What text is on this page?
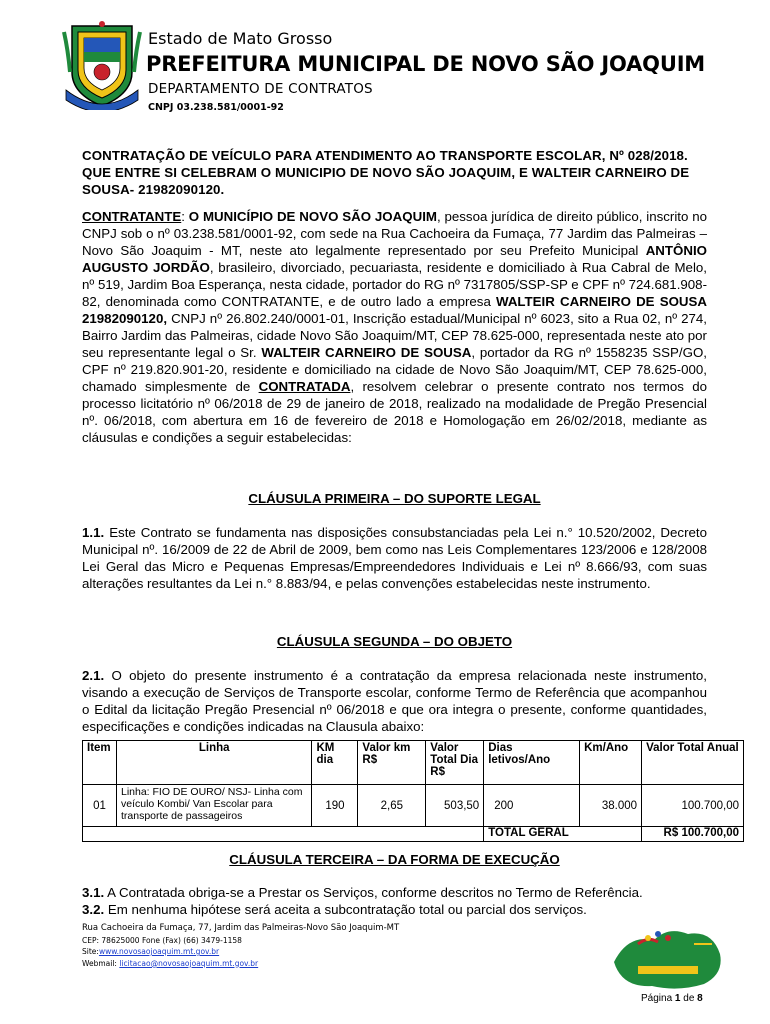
Estado de Mato Grosso
PREFEITURA MUNICIPAL DE NOVO SÃO JOAQUIM
DEPARTAMENTO DE CONTRATOS
CNPJ 03.238.581/0001-92
CONTRATAÇÃO DE VEÍCULO PARA ATENDIMENTO AO TRANSPORTE ESCOLAR, Nº 028/2018. QUE ENTRE SI CELEBRAM O MUNICIPIO DE NOVO SÃO JOAQUIM, E WALTEIR CARNEIRO DE SOUSA- 21982090120.
CONTRATANTE: O MUNICÍPIO DE NOVO SÃO JOAQUIM, pessoa jurídica de direito público, inscrito no CNPJ sob o nº 03.238.581/0001-92, com sede na Rua Cachoeira da Fumaça, 77 Jardim das Palmeiras – Novo São Joaquim - MT, neste ato legalmente representado por seu Prefeito Municipal ANTÔNIO AUGUSTO JORDÃO, brasileiro, divorciado, pecuariasta, residente e domiciliado à Rua Cabral de Melo, nº 519, Jardim Boa Esperança, nesta cidade, portador do RG nº 7317805/SSP-SP e CPF nº 724.681.908-82, denominada como CONTRATANTE, e de outro lado a empresa WALTEIR CARNEIRO DE SOUSA 21982090120, CNPJ nº 26.802.240/0001-01, Inscrição estadual/Municipal nº 6023, sito a Rua 02, nº 274, Bairro Jardim das Palmeiras, cidade Novo São Joaquim/MT, CEP 78.625-000, representada neste ato por seu representante legal o Sr. WALTEIR CARNEIRO DE SOUSA, portador da RG nº 1558235 SSP/GO, CPF nº 219.820.901-20, residente e domiciliado na cidade de Novo São Joaquim/MT, CEP 78.625-000, chamado simplesmente de CONTRATADA, resolvem celebrar o presente contrato nos termos do processo licitatório nº 06/2018 de 29 de janeiro de 2018, realizado na modalidade de Pregão Presencial nº. 06/2018, com abertura em 16 de fevereiro de 2018 e Homologação em 26/02/2018, mediante as cláusulas e condições a seguir estabelecidas:
CLÁUSULA PRIMEIRA – DO SUPORTE LEGAL
1.1. Este Contrato se fundamenta nas disposições consubstanciadas pela Lei n.° 10.520/2002, Decreto Municipal nº. 16/2009 de 22 de Abril de 2009, bem como nas Leis Complementares 123/2006 e 128/2008 Lei Geral das Micro e Pequenas Empresas/Empreendedores Individuais e Lei nº 8.666/93, com suas alterações resultantes da Lei n.° 8.883/94, e pelas convenções estabelecidas neste instrumento.
CLÁUSULA SEGUNDA – DO OBJETO
2.1. O objeto do presente instrumento é a contratação da empresa relacionada neste instrumento, visando a execução de Serviços de Transporte escolar, conforme Termo de Referência que acompanhou o Edital da licitação Pregão Presencial nº 06/2018 e que ora integra o presente, conforme quantidades, especificações e condições indicadas na Clausula abaixo:
Item	Linha	KM dia	Valor km R$	Valor Total Dia R$	Dias letivos/Ano	Km/Ano	Valor Total Anual
01	Linha: FIO DE OURO/ NSJ- Linha com veículo Kombi/ Van Escolar para transporte de passageiros	190	2,65	503,50	200	38.000	100.700,00
					TOTAL GERAL		R$ 100.700,00
CLÁUSULA TERCEIRA – DA FORMA DE EXECUÇÃO
3.1. A Contratada obriga-se a Prestar os Serviços, conforme descritos no Termo de Referência.
3.2. Em nenhuma hipótese será aceita a subcontratação total ou parcial dos serviços.
Rua Cachoeira da Fumaça, 77, Jardim das Palmeiras-Novo São Joaquim-MT
CEP: 78625000 Fone (Fax) (66) 3479-1158
Site:www.novosaojoaquim.mt.gov.br
Webmail: licitacao@novosaojoaquim.mt.gov.br
Página 1 de 8
